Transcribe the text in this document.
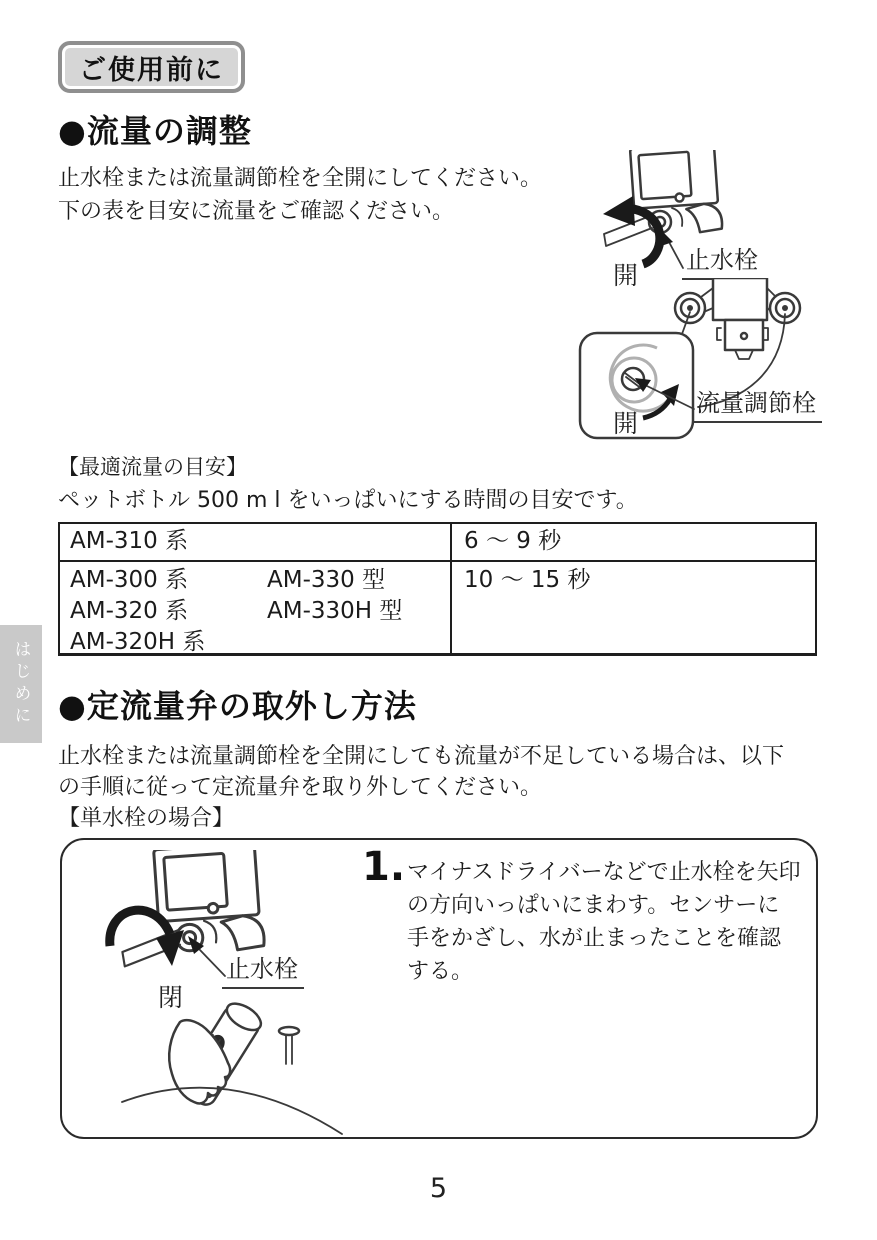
ご使用前に
●流量の調整
止水栓または流量調節栓を全開にしてください。
下の表を目安に流量をご確認ください。
開
止水栓
開
流量調節栓
【最適流量の目安】
ペットボトル 500 m l をいっぱいにする時間の目安です。
AM-310 系	6 ～ 9 秒
AM-300 系
AM-320 系
AM-320H 系
AM-330 型
AM-330H 型
10 ～ 15 秒
はじめに ●定流量弁の取外し方法
止水栓または流量調節栓を全開にしても流量が不足している場合は、以下
の手順に従って定流量弁を取り外してください。
【単水栓の場合】
閉
止水栓
1. マイナスドライバーなどで止水栓を矢印の方向いっぱいにまわす。センサーに手をかざし、水が止まったことを確認する。
5
